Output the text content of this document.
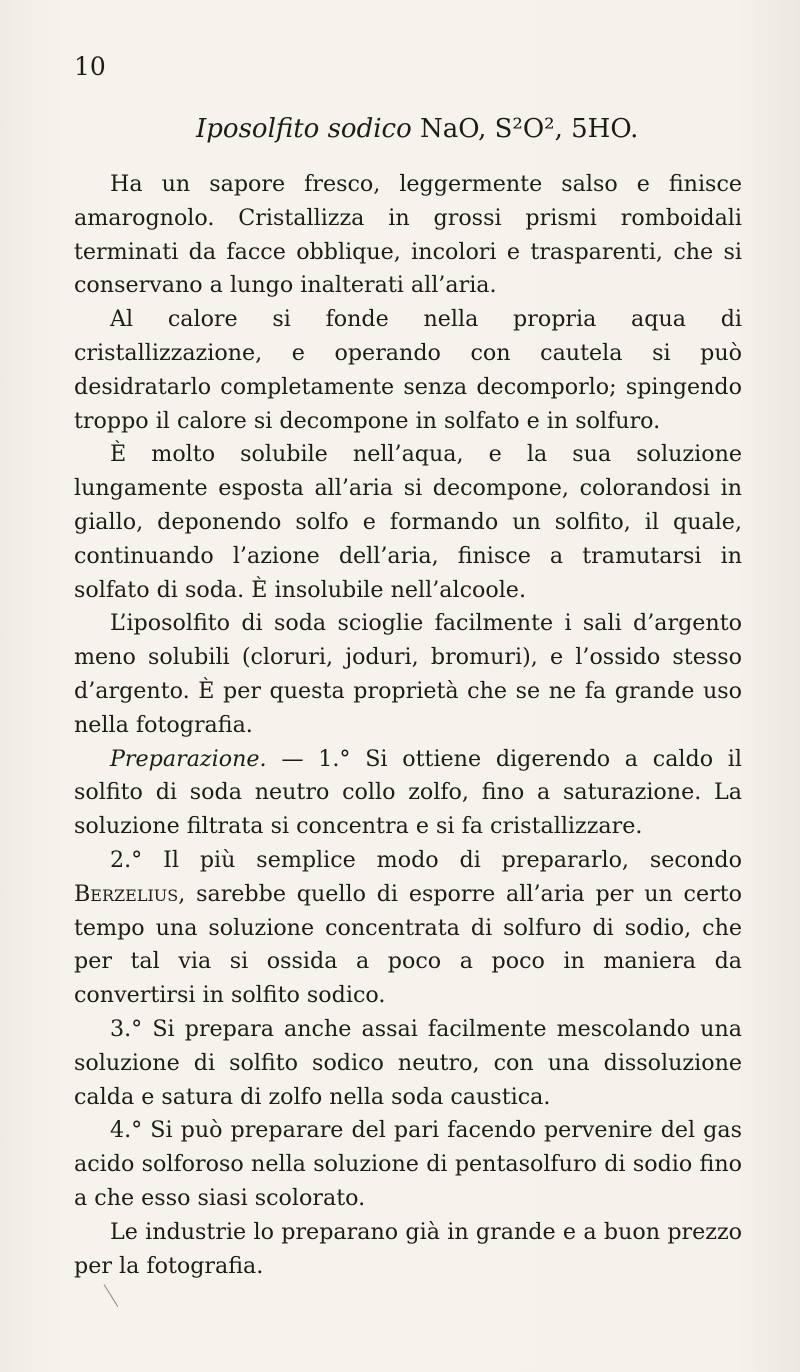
10
Iposolfito sodico NaO, S²O², 5HO.

Ha un sapore fresco, leggermente salso e finisce amarognolo. Cristallizza in grossi prismi romboidali terminati da facce obblique, incolori e trasparenti, che si conservano a lungo inalterati all’aria.

Al calore si fonde nella propria aqua di cristallizzazione, e operando con cautela si può desidratarlo completamente senza decomporlo; spingendo troppo il calore si decompone in solfato e in solfuro.

È molto solubile nell’aqua, e la sua soluzione lungamente esposta all’aria si decompone, colorandosi in giallo, deponendo solfo e formando un solfito, il quale, continuando l’azione dell’aria, finisce a tramutarsi in solfato di soda. È insolubile nell’alcoole.

L’iposolfito di soda scioglie facilmente i sali d’argento meno solubili (cloruri, joduri, bromuri), e l’ossido stesso d’argento. È per questa proprietà che se ne fa grande uso nella fotografia.

Preparazione. — 1.° Si ottiene digerendo a caldo il solfito di soda neutro collo zolfo, fino a saturazione. La soluzione filtrata si concentra e si fa cristallizzare.

2.° Il più semplice modo di prepararlo, secondo Berzelius, sarebbe quello di esporre all’aria per un certo tempo una soluzione concentrata di solfuro di sodio, che per tal via si ossida a poco a poco in maniera da convertirsi in solfito sodico.

3.° Si prepara anche assai facilmente mescolando una soluzione di solfito sodico neutro, con una dissoluzione calda e satura di zolfo nella soda caustica.

4.° Si può preparare del pari facendo pervenire del gas acido solforoso nella soluzione di pentasolfuro di sodio fino a che esso siasi scolorato.

Le industrie lo preparano già in grande e a buon prezzo per la fotografia.
